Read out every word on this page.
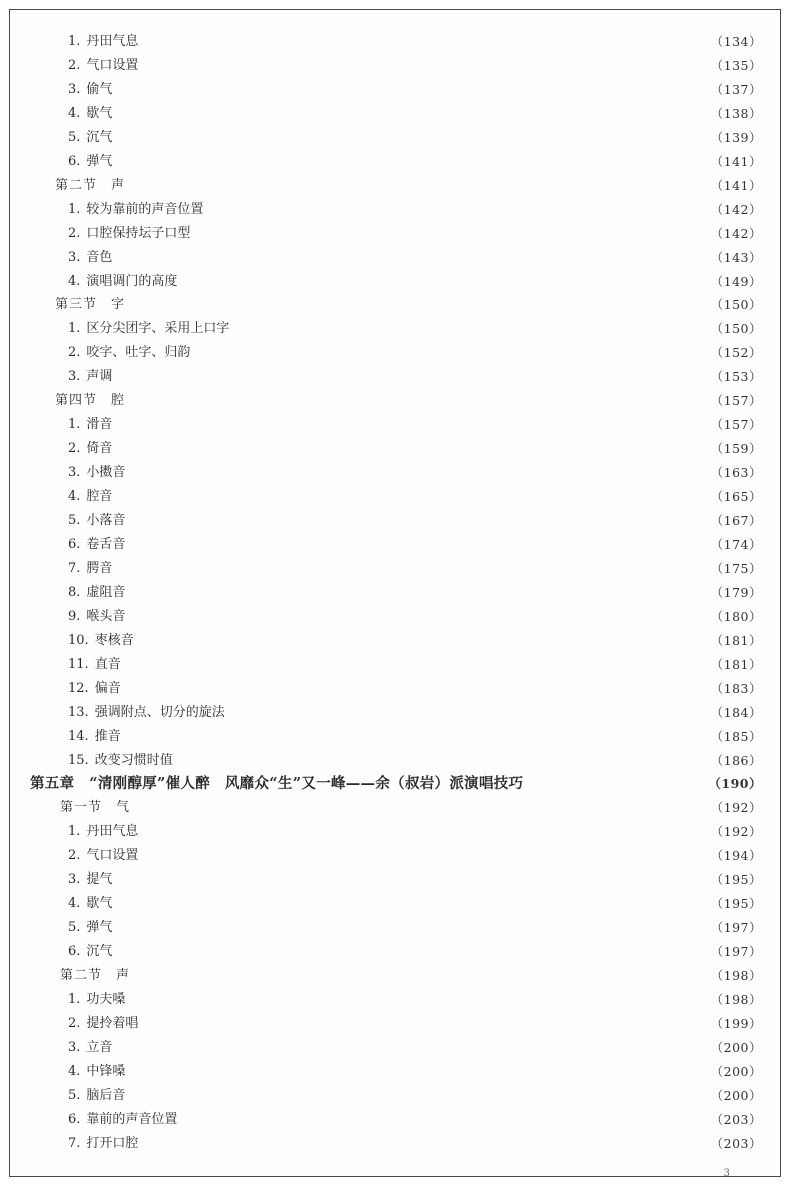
1. 丹田气息	（134）
2. 气口设置	（135）
3. 偷气	（137）
4. 歇气	（138）
5. 沉气	（139）
6. 弹气	（141）
第二节　声	（141）
1. 较为靠前的声音位置	（142）
2. 口腔保持坛子口型	（142）
3. 音色	（143）
4. 演唱调门的高度	（149）
第三节　字	（150）
1. 区分尖团字、采用上口字	（150）
2. 咬字、吐字、归韵	（152）
3. 声调	（153）
第四节　腔	（157）
1. 滑音	（157）
2. 倚音	（159）
3. 小擞音	（163）
4. 腔音	（165）
5. 小落音	（167）
6. 卷舌音	（174）
7. 腭音	（175）
8. 虚阻音	（179）
9. 喉头音	（180）
10. 枣核音	（181）
11. 直音	（181）
12. 偏音	（183）
13. 强调附点、切分的旋法	（184）
14. 推音	（185）
15. 改变习惯时值	（186）
第五章　“清刚醇厚”催人醉　风靡众“生”又一峰——余（叔岩）派演唱技巧	（190）
第一节　气	（192）
1. 丹田气息	（192）
2. 气口设置	（194）
3. 提气	（195）
4. 歇气	（195）
5. 弹气	（197）
6. 沉气	（197）
第二节　声	（198）
1. 功夫嗓	（198）
2. 提拎着唱	（199）
3. 立音	（200）
4. 中锋嗓	（200）
5. 脑后音	（200）
6. 靠前的声音位置	（203）
7. 打开口腔	（203）
3
